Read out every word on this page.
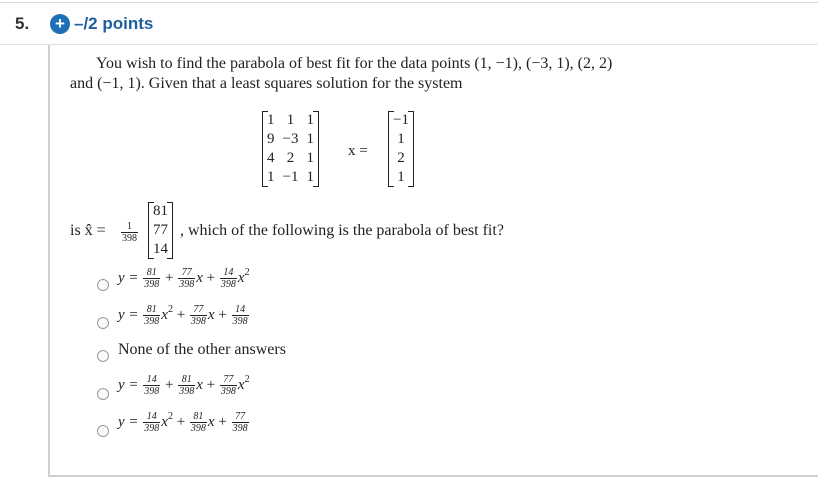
5. + –/2 points
You wish to find the parabola of best fit for the data points (1, −1), (−3, 1), (2, 2)
and (−1, 1). Given that a least squares solution for the system
1	1	1
9	−3	1
4	2	1
1	−1	1
x =
−1
1
2
1
is x̂ = $\frac{1}{398}$
81
77
14
, which of the following is the parabola of best fit?
$y = \frac{81}{398} + \frac{77}{398}$ $x + \frac{14}{398} x^2$
$y = \frac{81}{398} x^2 + \frac{77}{398}$ $x + \frac{14}{398}$
None of the other answers
$y = \frac{14}{398} + \frac{81}{398}$ $x + \frac{77}{398} x^2$
$y = \frac{14}{398} x^2 + \frac{81}{398}$ $x + \frac{77}{398}$
